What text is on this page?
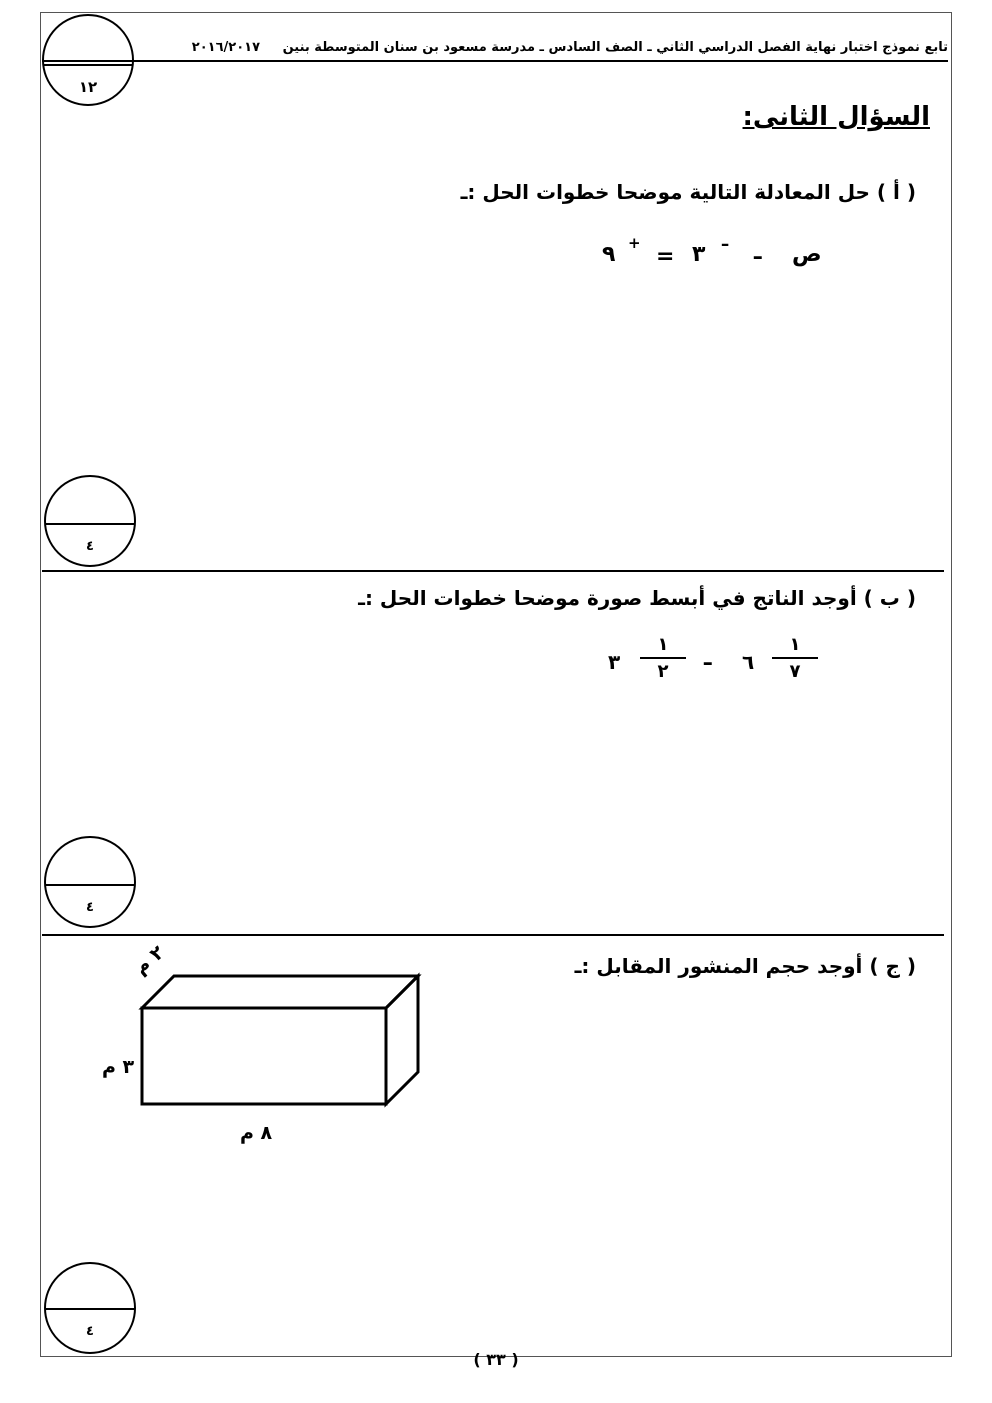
تابع نموذج اختبار نهاية الفصل الدراسي الثاني ـ الصف السادس ـ مدرسة مسعود بن سنان المتوسطة بنين ٢٠١٦/٢٠١٧
١٢
السؤال الثانى:
( أ ) حل المعادلة التالية موضحا خطوات الحل :ـ
ص
ـ
ـ
٣
=
+
٩
٤
( ب ) أوجد الناتج في أبسط صورة موضحا خطوات الحل :ـ
١
٧
٦
ـ
١
٢
٣
٤
( ج ) أوجد حجم المنشور المقابل :ـ
٢ م
٣ م
٨ م
٤
( ٣٣ )
